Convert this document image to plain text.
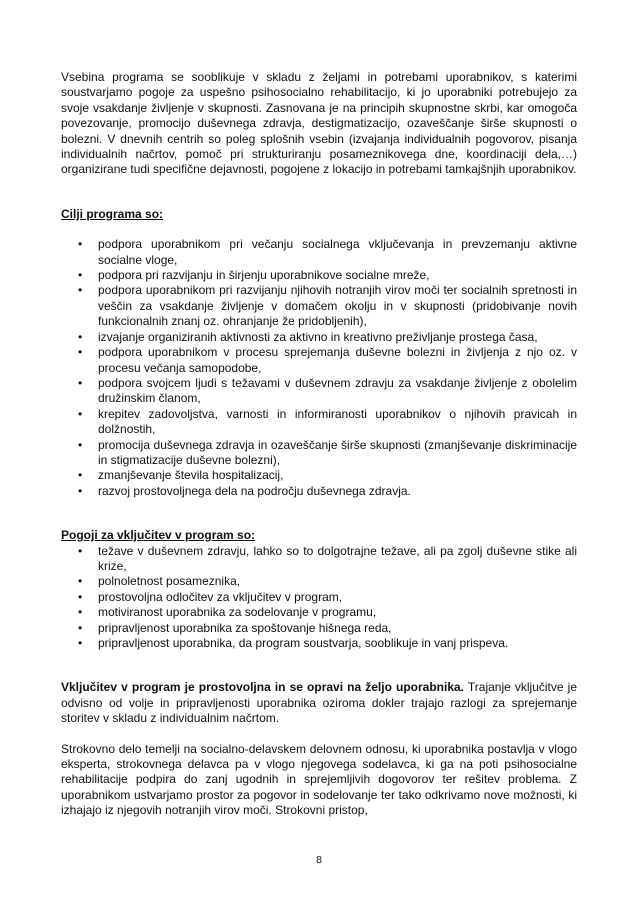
Vsebina programa se sooblikuje v skladu z željami in potrebami uporabnikov, s katerimi soustvarjamo pogoje za uspešno psihosocialno rehabilitacijo, ki jo uporabniki potrebujejo za svoje vsakdanje življenje v skupnosti. Zasnovana je na principih skupnostne skrbi, kar omogoča povezovanje, promocijo duševnega zdravja, destigmatizacijo, ozaveščanje širše skupnosti o bolezni. V dnevnih centrih so poleg splošnih vsebin (izvajanja individualnih pogovorov, pisanja individualnih načrtov, pomoč pri strukturiranju posameznikovega dne, koordinaciji dela,…) organizirane tudi specifične dejavnosti, pogojene z lokacijo in potrebami tamkajšnjih uporabnikov.

Cilji programa so:

• podpora uporabnikom pri večanju socialnega vključevanja in prevzemanju aktivne socialne vloge,
• podpora pri razvijanju in širjenju uporabnikove socialne mreže,
• podpora uporabnikom pri razvijanju njihovih notranjih virov moči ter socialnih spretnosti in veščin za vsakdanje življenje v domačem okolju in v skupnosti (pridobivanje novih funkcionalnih znanj oz. ohranjanje že pridobljenih),
• izvajanje organiziranih aktivnosti za aktivno in kreativno preživljanje prostega časa,
• podpora uporabnikom v procesu sprejemanja duševne bolezni in življenja z njo oz. v procesu večanja samopodobe,
• podpora svojcem ljudi s težavami v duševnem zdravju za vsakdanje življenje z obolelim družinskim članom,
• krepitev zadovoljstva, varnosti in informiranosti uporabnikov o njihovih pravicah in dolžnostih,
• promocija duševnega zdravja in ozaveščanje širše skupnosti (zmanjševanje diskriminacije in stigmatizacije duševne bolezni),
• zmanjševanje števila hospitalizacij,
• razvoj prostovoljnega dela na področju duševnega zdravja.

Pogoji za vključitev v program so:

• težave v duševnem zdravju, lahko so to dolgotrajne težave, ali pa zgolj duševne stike ali krize,
• polnoletnost posameznika,
• prostovoljna odločitev za vključitev v program,
• motiviranost uporabnika za sodelovanje v programu,
• pripravljenost uporabnika za spoštovanje hišnega reda,
• pripravljenost uporabnika, da program soustvarja, sooblikuje in vanj prispeva.

Vključitev v program je prostovoljna in se opravi na željo uporabnika. Trajanje vključitve je odvisno od volje in pripravljenosti uporabnika oziroma dokler trajajo razlogi za sprejemanje storitev v skladu z individualnim načrtom.

Strokovno delo temelji na socialno-delavskem delovnem odnosu, ki uporabnika postavlja v vlogo eksperta, strokovnega delavca pa v vlogo njegovega sodelavca, ki ga na poti psihosocialne rehabilitacije podpira do zanj ugodnih in sprejemljivih dogovorov ter rešitev problema. Z uporabnikom ustvarjamo prostor za pogovor in sodelovanje ter tako odkrivamo nove možnosti, ki izhajajo iz njegovih notranjih virov moči. Strokovni pristop,

8
